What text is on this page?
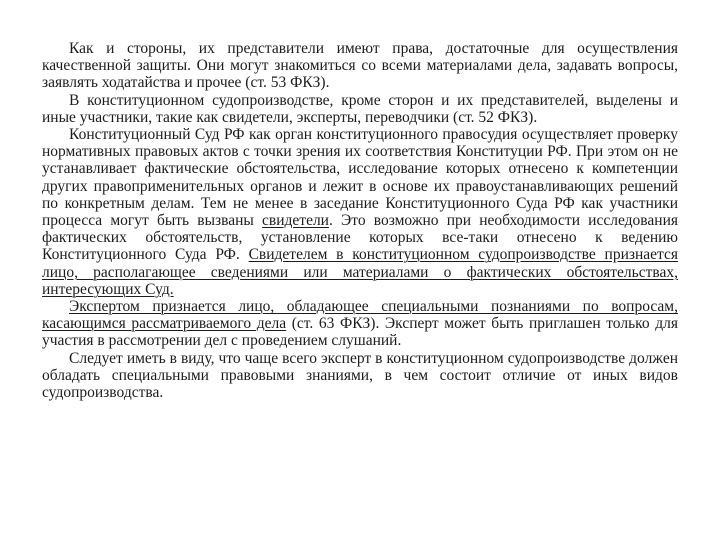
Как и стороны, их представители имеют права, достаточные для осуществления качественной защиты. Они могут знакомиться со всеми материалами дела, задавать вопросы, заявлять ходатайства и прочее (ст. 53 ФКЗ).

В конституционном судопроизводстве, кроме сторон и их представителей, выделены и иные участники, такие как свидетели, эксперты, переводчики (ст. 52 ФКЗ).

Конституционный Суд РФ как орган конституционного правосудия осуществляет проверку нормативных правовых актов с точки зрения их соответствия Конституции РФ. При этом он не устанавливает фактические обстоятельства, исследование которых отнесено к компетенции других правоприменительных органов и лежит в основе их правоустанавливающих решений по конкретным делам. Тем не менее в заседание Конституционного Суда РФ как участники процесса могут быть вызваны свидетели. Это возможно при необходимости исследования фактических обстоятельств, установление которых все-таки отнесено к ведению Конституционного Суда РФ. Свидетелем в конституционном судопроизводстве признается лицо, располагающее сведениями или материалами о фактических обстоятельствах, интересующих Суд.

Экспертом признается лицо, обладающее специальными познаниями по вопросам, касающимся рассматриваемого дела (ст. 63 ФКЗ). Эксперт может быть приглашен только для участия в рассмотрении дел с проведением слушаний.

Следует иметь в виду, что чаще всего эксперт в конституционном судопроизводстве должен обладать специальными правовыми знаниями, в чем состоит отличие от иных видов судопроизводства.
